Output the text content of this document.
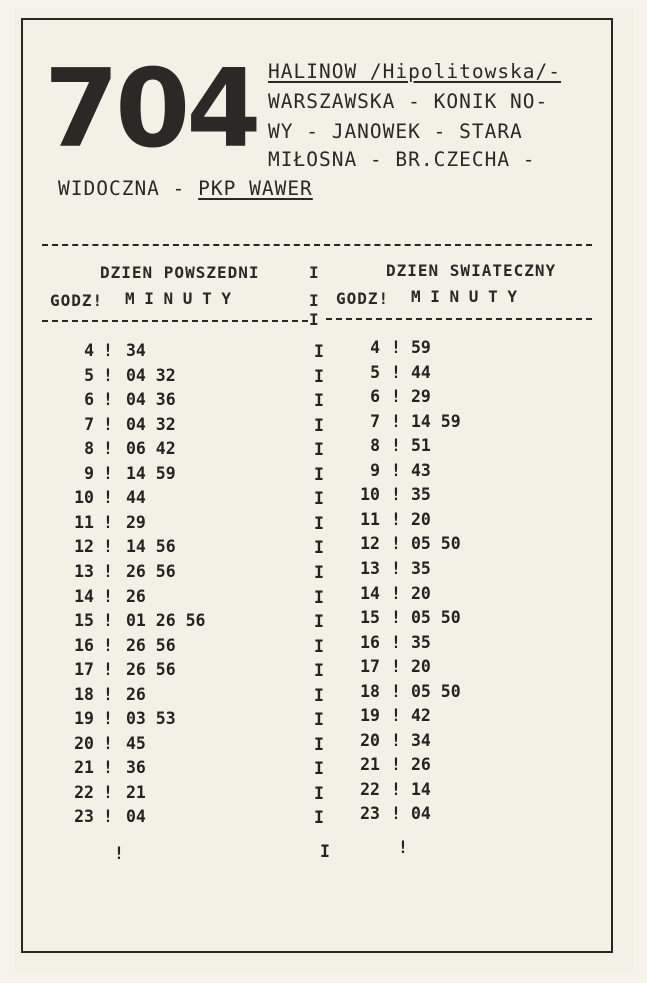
704 HALINOW /Hipolitowska/-
WARSZAWSKA - KONIK NO-
WY - JANOWEK - STARA
MIŁOSNA - BR.CZECHA -
WIDOCZNA - PKP WAWER
DZIEN POWSZEDNI	I	DZIEN SWIATECZNY
GODZ! M I N U T Y	I GODZ! M I N U T Y
I
4 ! 34	I	4 ! 59
5 ! 04 32	I	5 ! 44
6 ! 04 36	I	6 ! 29
7 ! 04 32	I	7 ! 14 59
8 ! 06 42	I	8 ! 51
9 ! 14 59	I	9 ! 43
10 ! 44	I	10 ! 35
11 ! 29	I	11 ! 20
12 ! 14 56	I	12 ! 05 50
13 ! 26 56	I	13 ! 35
14 ! 26	I	14 ! 20
15 ! 01 26 56	I	15 ! 05 50
16 ! 26 56	I	16 ! 35
17 ! 26 56	I	17 ! 20
18 ! 26	I	18 ! 05 50
19 ! 03 53	I	19 ! 42
20 ! 45	I	20 ! 34
21 ! 36	I	21 ! 26
22 ! 21	I	22 ! 14
23 ! 04	I	23 ! 04
!	I	!
